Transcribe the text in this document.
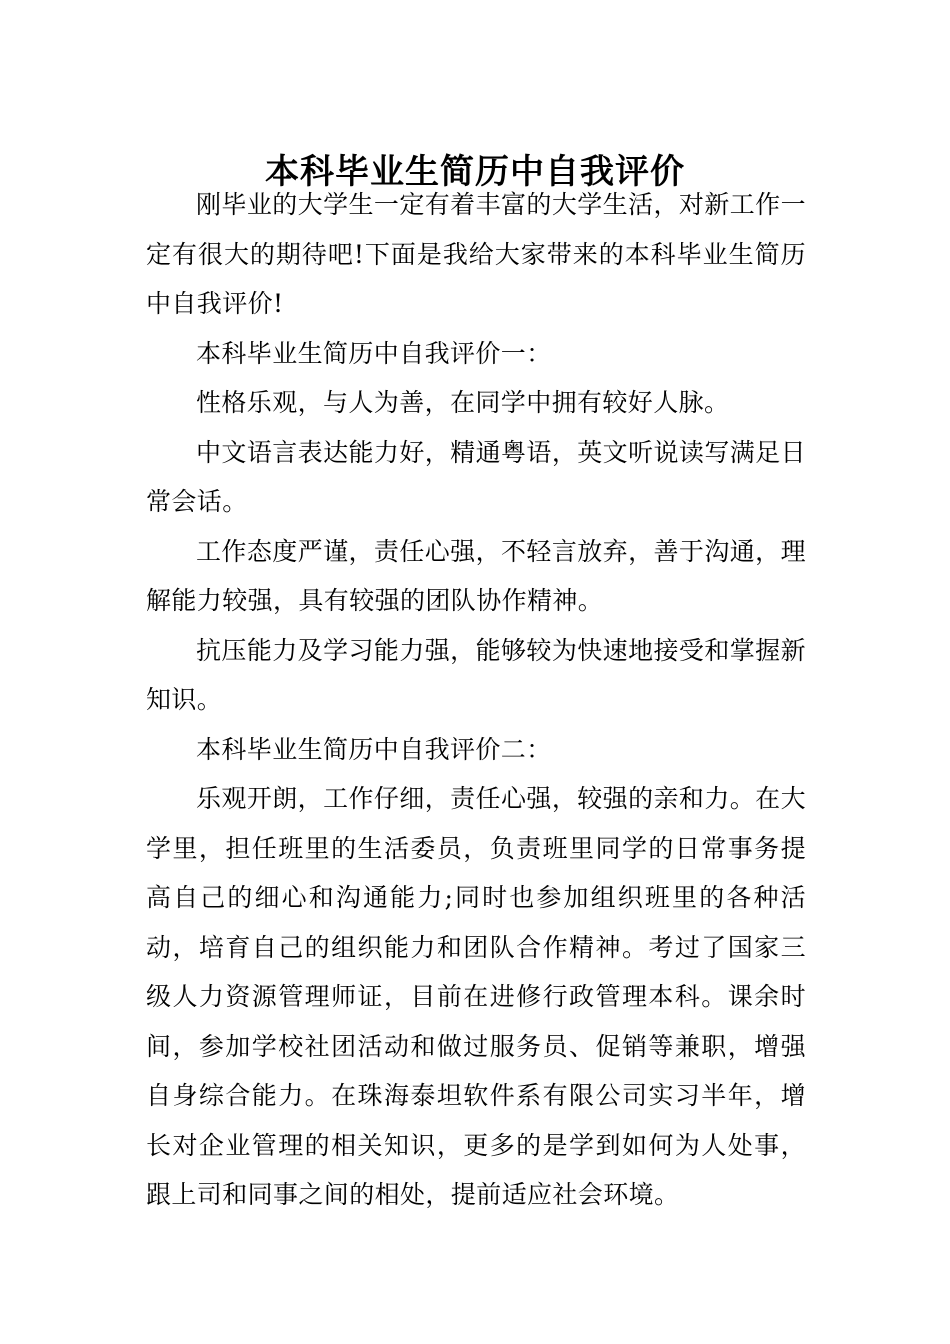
本科毕业生简历中自我评价

刚毕业的大学生一定有着丰富的大学生活，对新工作一定有很大的期待吧!下面是我给大家带来的本科毕业生简历中自我评价!

本科毕业生简历中自我评价一：

性格乐观，与人为善，在同学中拥有较好人脉。

中文语言表达能力好，精通粤语，英文听说读写满足日常会话。

工作态度严谨，责任心强，不轻言放弃，善于沟通，理解能力较强，具有较强的团队协作精神。

抗压能力及学习能力强，能够较为快速地接受和掌握新知识。

本科毕业生简历中自我评价二：

乐观开朗，工作仔细，责任心强，较强的亲和力。在大学里，担任班里的生活委员，负责班里同学的日常事务提高自己的细心和沟通能力;同时也参加组织班里的各种活动，培育自己的组织能力和团队合作精神。考过了国家三级人力资源管理师证，目前在进修行政管理本科。课余时间，参加学校社团活动和做过服务员、促销等兼职，增强自身综合能力。在珠海泰坦软件系有限公司实习半年，增长对企业管理的相关知识，更多的是学到如何为人处事，跟上司和同事之间的相处，提前适应社会环境。
